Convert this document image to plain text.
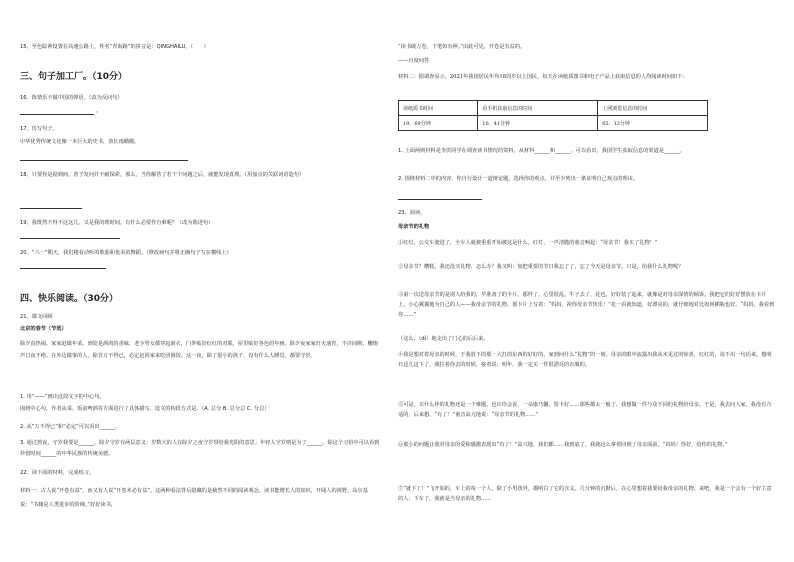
15、至色踪神设置在高速公路上，姓名“青海路”的拼音是：QINGHAILU。（　　）
三、句子加工厂。（10分）
16、陈情乐不做中国的弹语。（改为反问句）
。
17、仿写句子。
中华优秀传统文化像一本巨大的史书，放长雨瞄瞄。
18、只要你是励到而，善于发问并不耐探索，那么，当你解答了若干个问题之后，就能发现真理。（用加点的关联词语造句）
19、我既然不得不这这儿，又是我的理时间，有什么必要作自难呢？（改为陈述句）
20、“六一”期天，我们精看动听的歌曲和优美的舞蹈。（修改病句并将正确句子写在横线上）
四、快乐阅读。（30分）
21、课文回顾
北京的春节（节选）
除夕真热闹。家家赶做年菜，到处是酒肉的香味，老少男女都穿起新衣，门外贴好红红的对联，屋里贴好各色的年画。除夕夜家家灯火通宵，不许间断，鞭炮声日夜不绝。在外边做事的人，除非万不得已，必定赶回家来吃团圆饭。这一夜，除了很小的孩子，没有什么人睡觉，都要守岁。
1. 用“——”画出这段文字的中心句。
围绕中心句，作者从菜、饭前啤酒等方面进行了具体描写，选文的构段方式是。（A. 总分 B. 总分总 C. 分总）
2. 从“万不得已”和“必定”可以看出______。
3. 通过熬夜，守岁我要是______，除夕守岁有两层意义：岁数大的人在除夕之夜守岁带给我光阴的意思；年轻人守岁则是为了______。除这个习俗中可以看到珍惜时间______的中华民族的传统美德。
22、读下面的材料，完成练习。
材料一：古人说“开卷有益”，而又有人说“开卷未必有益”。这两种看法背后隐藏的是截然不同的阅读观念，读书能增长人的知识，开阔人的视野。高尔基说：“书籍是人类进步的阶梯。”好好读书，
“读书破万卷，下笔如有神。”由此可见，开卷是有益的。
——百度问答
材料二：据调查显示，2021年我国居民年均18周岁以上国民，每天在读纸质图书和电子产品上获取信息的人均阅读时间如下：
读纸质书时间	看手机获取信息的时间	上网浏览信息的时间
19．69分钟	10．41分钟	65．12分钟
1. 上面两则材料是李洪同学在调查读书情况的资料，从材料______和______，可以看出，我国学生获取信息的渠道是______。
2. 围绕材料二中的内容，你自行设计一道辩论题，选择你的观点，并至少列出一条证明自己观点的理由。
23、阅读。
母亲节的礼物
①红灯，公交车驶进了，全车人就被重重开始被这是什么。红灯，一声清脆的童音响起：“母亲节！我买了礼物！”
②母亲节？糟糕，我还没买礼物，怎么办？我又叫：加把重要的节日我忘了了，忘了今天是母亲节。只是，给我什么礼物呢？
③第一次送母亲节的是别人给我的，早准备了的卡片。那样了。心里很乱。牛子去了，花也，好好装了起来，就像是对母亲深情的倾诉。我把它们好好摆放在卡片上，小心翼翼地为自己的人——我母亲节的礼物。那卡片上写着：“妈妈，祝你母亲节快乐！”花一看就知道，好漂亮的，就仔细地对比如何插瓶也好。“妈妈，我看到你……”
（这么，（dǐ）地走出了门心的后后来。
④我是想对着母亲的时候，于我放下的那一大打的东西的好好的。家到问什么“礼物”的一刻，母亲的眼中流露出我从未见过的惊喜，红红的，说不出一句话来。想明日这儿这下了，我拉着你去的时候，接着说：明年，我一定买一件很漂亮的衣服的。
⑤可是，买什么样的礼物还是一个难题，也许你会说，一朵康乃馨，贺卡好……那些都太一般了，我想做一件与众不同的礼物给母亲。于是，我去问人家，我没有合适的，后来想，“有了！”童音高亢地说：“母亲节的礼物……”
⑥那小的问题让我对母亲的爱和感激表现出“有了！”高兴地，我们都……我到底了，我就这么拿着回到了母亲面前，“妈妈！你好，给你的礼物。”
⑦“就下了！”飞开始的，车上的每一个人，除了小男孩外，都明白了它的含义。几分钟的沉默后，在心里想着我要给我母亲的礼物。来吧，我是一个会有一个好主意的人：下车了，我就是当母亲的礼物……
